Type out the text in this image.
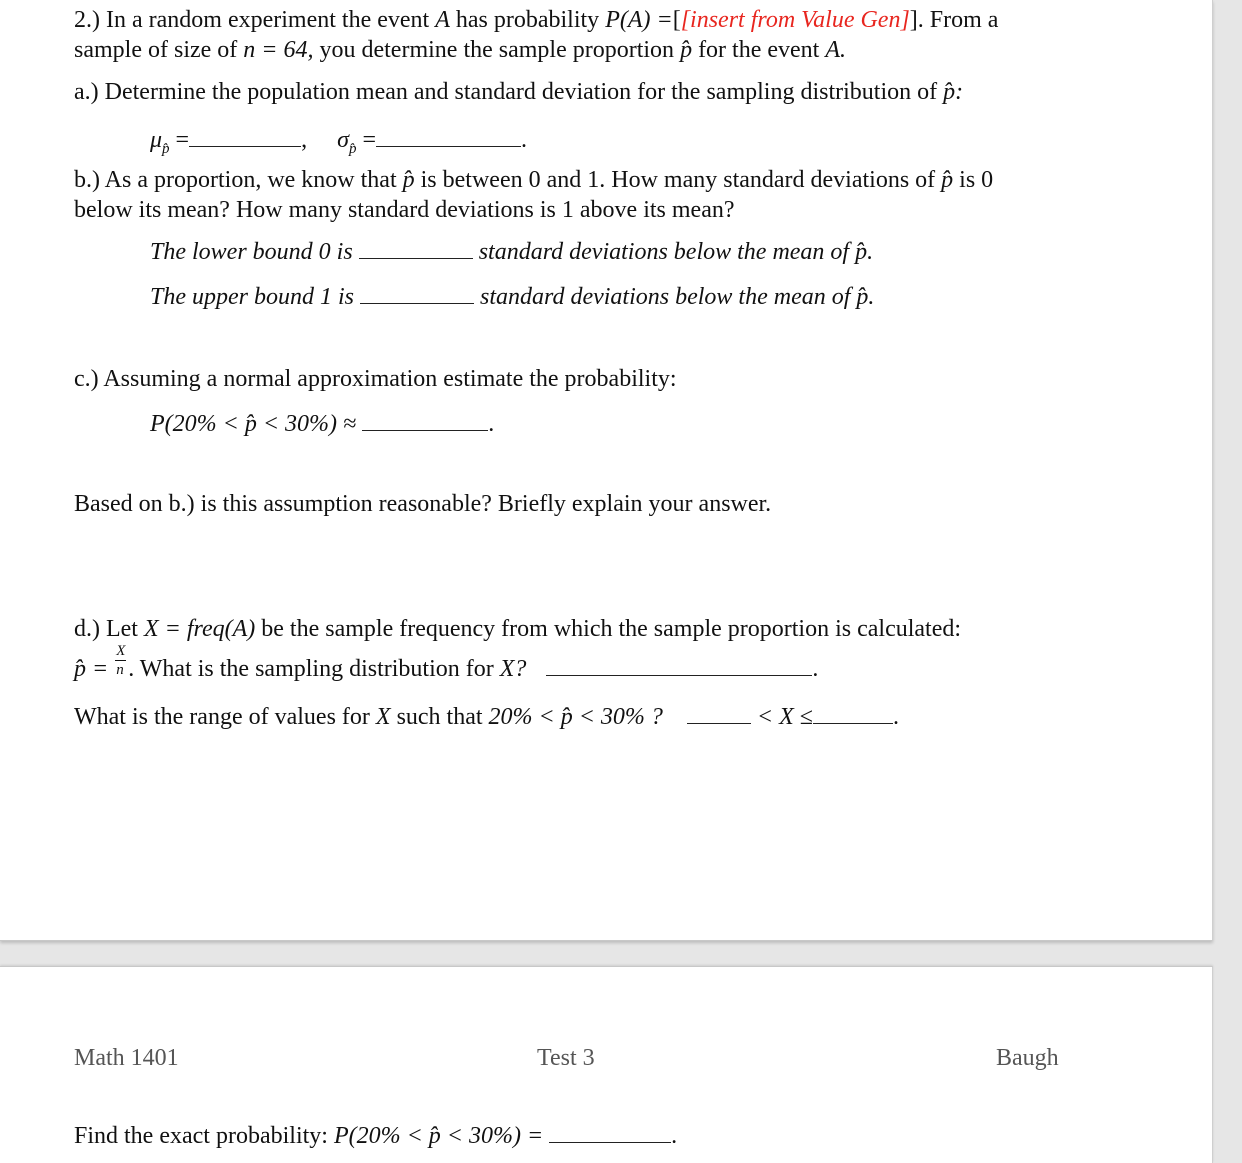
2.) In a random experiment the event A has probability P(A) =[[insert from Value Gen]]. From a
sample of size of n = 64, you determine the sample proportion p̂ for the event A.
a.) Determine the population mean and standard deviation for the sampling distribution of p̂:
$\mu_{p̂}$ =	, $\sigma_{p̂}$ =	.
b.) As a proportion, we know that p̂ is between 0 and 1. How many standard deviations of p̂ is 0
below its mean? How many standard deviations is 1 above its mean?
The lower bound 0 is	standard deviations below the mean of p̂.
The upper bound 1 is	standard deviations below the mean of p̂.
c.) Assuming a normal approximation estimate the probability:
P(20% < p̂ < 30%) ≈	.
Based on b.) is this assumption reasonable? Briefly explain your answer.
d.) Let X = freq(A) be the sample frequency from which the sample proportion is calculated:
p̂ = $\frac{X}{n}$ . What is the sampling distribution for X?	.
What is the range of values for X such that 20% < p̂ < 30% ?	< X ≤	.
Math 1401	Test 3	Baugh
Find the exact probability: P(20% < p̂ < 30%) =	.
